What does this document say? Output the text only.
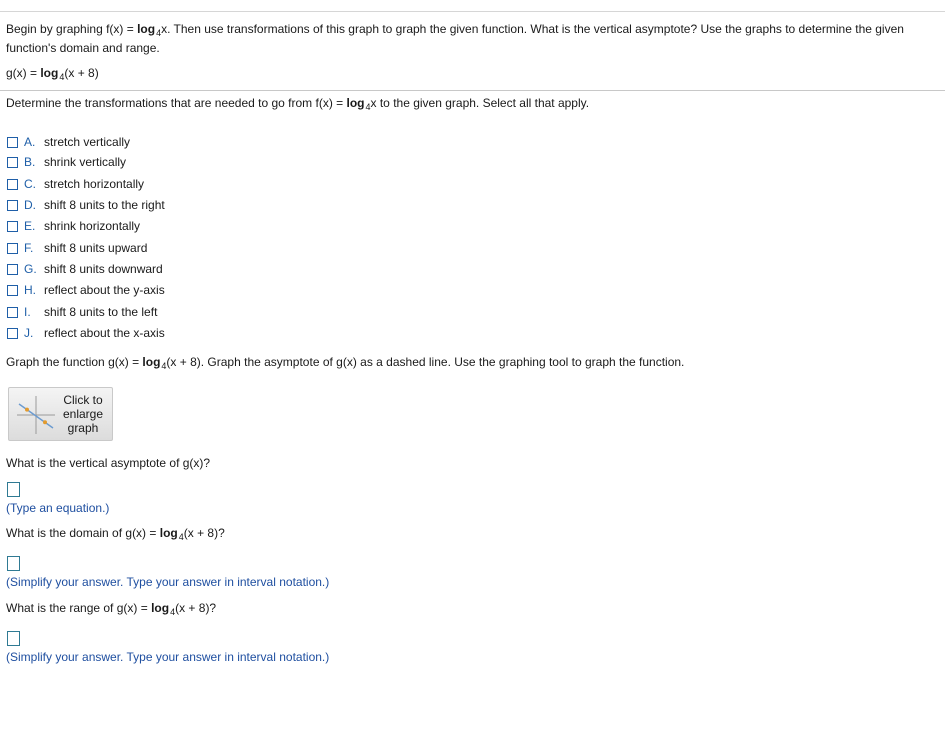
Begin by graphing $f(x) = \log_4x$. Then use transformations of this graph to graph the given function. What is the vertical asymptote? Use the graphs to determine the given function's domain and range.
$g(x) = \log_4(x + 8)$
Determine the transformations that are needed to go from $f(x) = \log_4x$ to the given graph. Select all that apply.
A. stretch vertically
B. shrink vertically
C. stretch horizontally
D. shift 8 units to the right
E. shrink horizontally
F. shift 8 units upward
G. shift 8 units downward
H. reflect about the y-axis
I.	shift 8 units to the left
J. reflect about the x-axis
Graph the function $g(x) = \log_4(x + 8)$. Graph the asymptote of g(x) as a dashed line. Use the graphing tool to graph the function.
Click to enlarge graph
What is the vertical asymptote of g(x)?
(Type an equation.)
What is the domain of $g(x) = \log_4(x + 8)$?
(Simplify your answer. Type your answer in interval notation.)
What is the range of $g(x) = \log_4(x + 8)$?
(Simplify your answer. Type your answer in interval notation.)
